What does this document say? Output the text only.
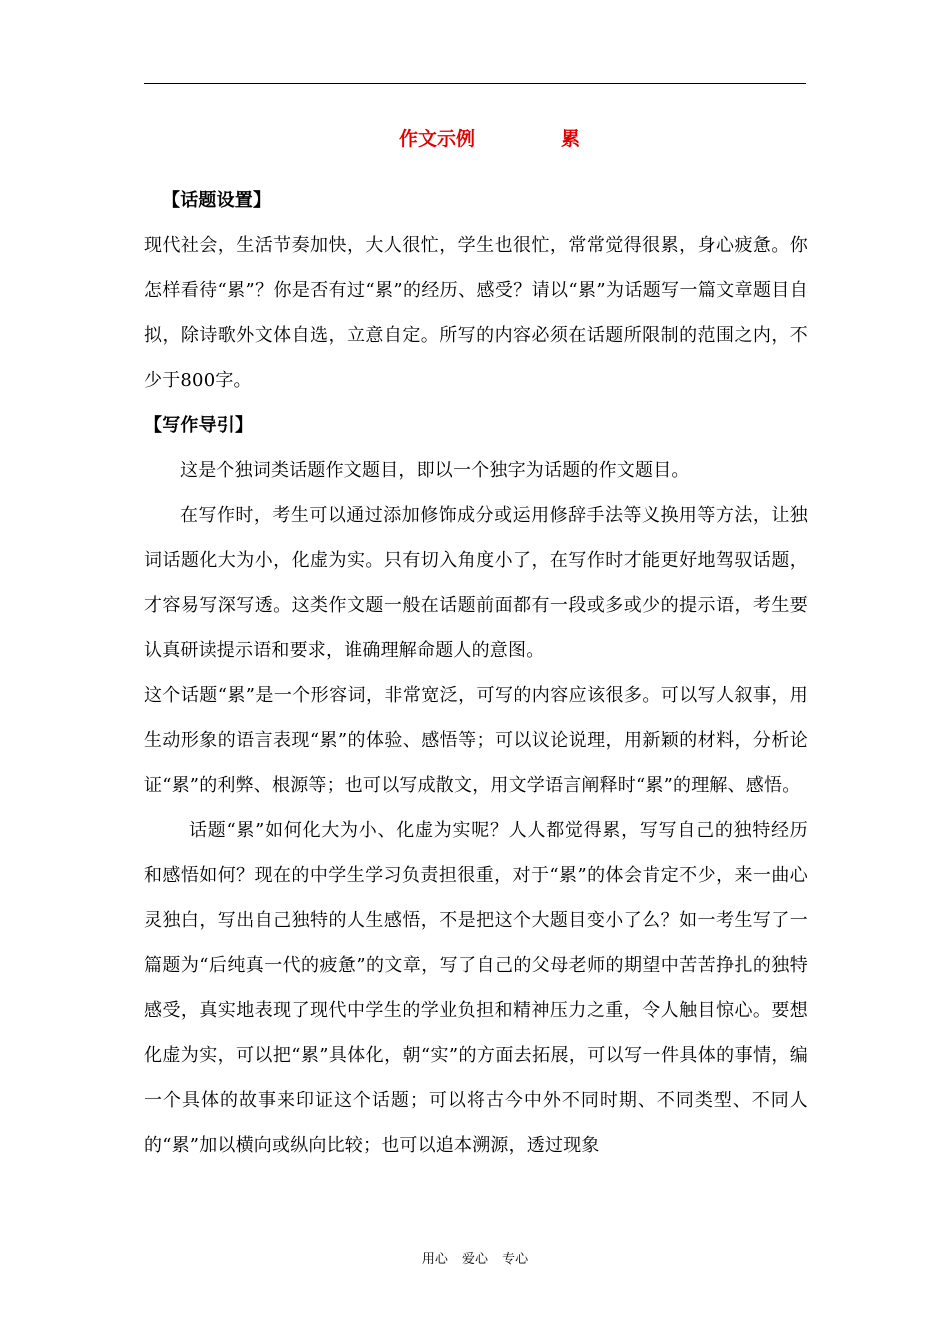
作文示例	累

【话题设置】

现代社会，生活节奏加快，大人很忙，学生也很忙，常常觉得很累，身心疲惫。你怎样看待“累”？你是否有过“累”的经历、感受？请以“累”为话题写一篇文章题目自拟，除诗歌外文体自选，立意自定。所写的内容必须在话题所限制的范围之内，不少于800字。

【写作导引】

这是个独词类话题作文题目，即以一个独字为话题的作文题目。

在写作时，考生可以通过添加修饰成分或运用修辞手法等义换用等方法，让独词话题化大为小，化虚为实。只有切入角度小了，在写作时才能更好地驾驭话题，才容易写深写透。这类作文题一般在话题前面都有一段或多或少的提示语，考生要认真研读提示语和要求，谁确理解命题人的意图。

这个话题“累”是一个形容词，非常宽泛，可写的内容应该很多。可以写人叙事，用生动形象的语言表现“累”的体验、感悟等；可以议论说理，用新颖的材料，分析论证“累”的利弊、根源等；也可以写成散文，用文学语言阐释时“累”的理解、感悟。

话题“累”如何化大为小、化虚为实呢？人人都觉得累，写写自己的独特经历和感悟如何？现在的中学生学习负责担很重，对于“累”的体会肯定不少，来一曲心灵独白，写出自己独特的人生感悟，不是把这个大题目变小了么？如一考生写了一篇题为“后纯真一代的疲惫”的文章，写了自己的父母老师的期望中苦苦挣扎的独特感受，真实地表现了现代中学生的学业负担和精神压力之重，令人触目惊心。要想化虚为实，可以把“累”具体化，朝“实”的方面去拓展，可以写一件具体的事情，编一个具体的故事来印证这个话题；可以将古今中外不同时期、不同类型、不同人的“累”加以横向或纵向比较；也可以追本溯源，透过现象

用心 爱心 专心
